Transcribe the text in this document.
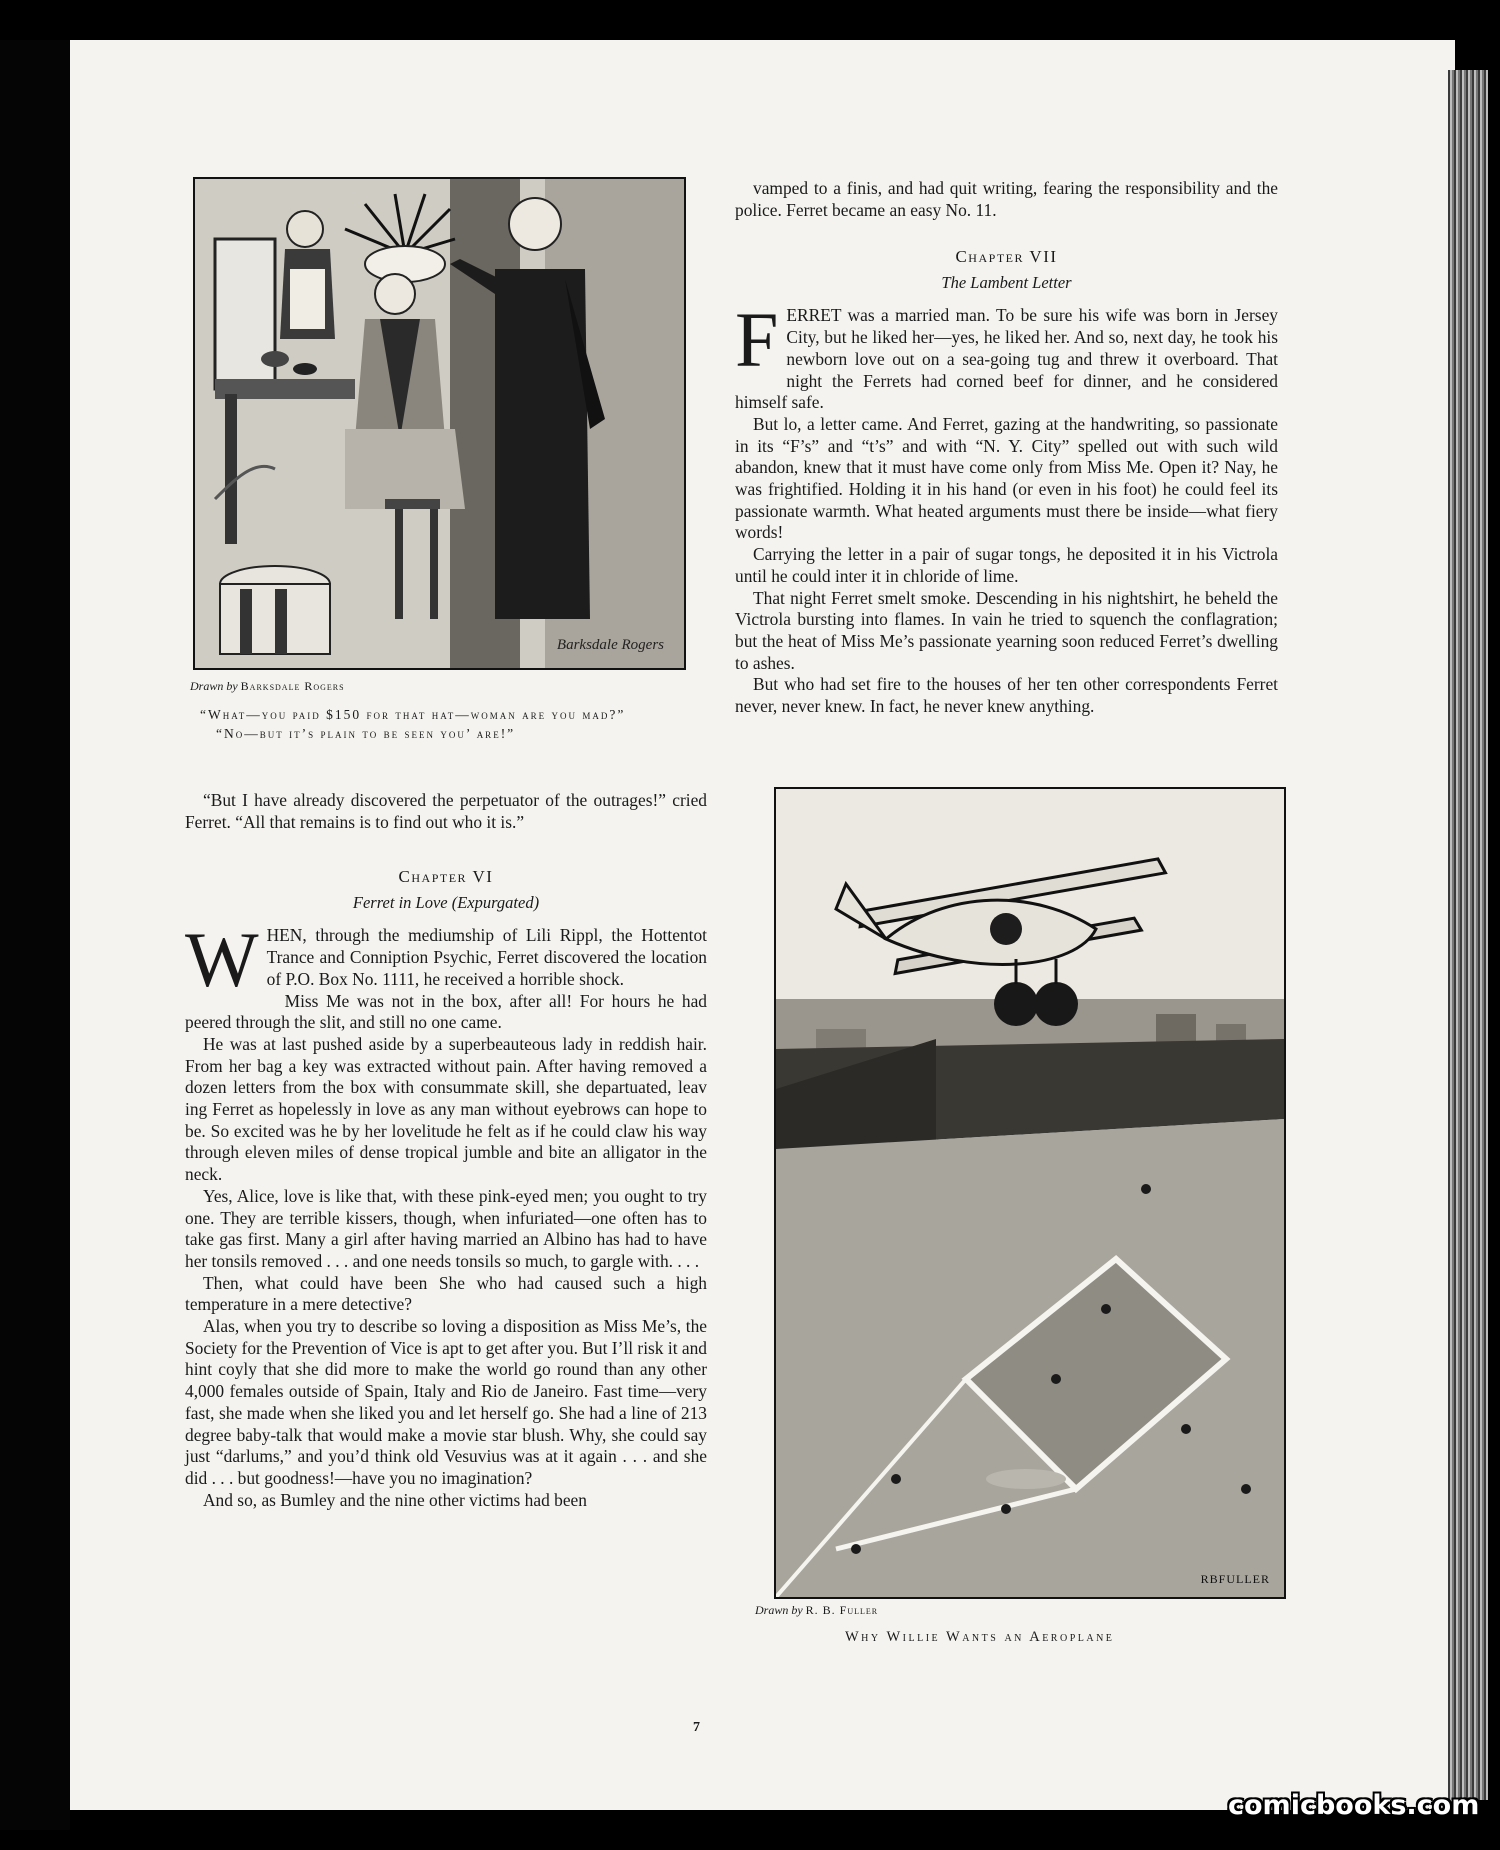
Barksdale Rogers
Drawn by Barksdale Rogers
“What—you paid $150 for that hat—woman are you mad?”
“No—but it’s plain to be seen you’ are!”

“But I have already discovered the perpetuator of the outrages!” cried Ferret. “All that remains is to find out who it is.”

Chapter VI
Ferret in Love (Expurgated)

W HEN, through the mediumship of Lili Rippl, the Hottentot Trance and Conniption Psychic, Ferret discovered the location of P.O. Box No. 1111, he received a horrible shock.

Miss Me was not in the box, after all! For hours he had peered through the slit, and still no one came.

He was at last pushed aside by a superbeauteous lady in reddish hair. From her bag a key was extracted without pain. After having removed a dozen letters from the box with consummate skill, she departuated, leav ing Ferret as hopelessly in love as any man without eyebrows can hope to be. So excited was he by her lovelitude he felt as if he could claw his way through eleven miles of dense tropical jumble and bite an alligator in the neck.

Yes, Alice, love is like that, with these pink-eyed men; you ought to try one. They are terrible kissers, though, when infuriated—one often has to take gas first. Many a girl after having married an Albino has had to have her tonsils removed . . . and one needs tonsils so much, to gargle with. . . .

Then, what could have been She who had caused such a high temperature in a mere detective?

Alas, when you try to describe so loving a disposition as Miss Me’s, the Society for the Prevention of Vice is apt to get after you. But I’ll risk it and hint coyly that she did more to make the world go round than any other 4,000 females outside of Spain, Italy and Rio de Janeiro. Fast time—very fast, she made when she liked you and let herself go. She had a line of 213 degree baby-talk that would make a movie star blush. Why, she could say just “darlums,” and you’d think old Vesuvius was at it again . . . and she did . . . but goodness!—have you no imagination?

And so, as Bumley and the nine other victims had been

vamped to a finis, and had quit writing, fearing the responsibility and the police. Ferret became an easy No. 11.

Chapter VII
The Lambent Letter

F ERRET was a married man. To be sure his wife was born in Jersey City, but he liked her—yes, he liked her. And so, next day, he took his newborn love out on a sea-going tug and threw it overboard. That night the Ferrets had corned beef for dinner, and he considered himself safe.

But lo, a letter came. And Ferret, gazing at the handwriting, so passionate in its “F’s” and “t’s” and with “N. Y. City” spelled out with such wild abandon, knew that it must have come only from Miss Me. Open it? Nay, he was frightified. Holding it in his hand (or even in his foot) he could feel its passionate warmth. What heated arguments must there be inside—what fiery words!

Carrying the letter in a pair of sugar tongs, he deposited it in his Victrola until he could inter it in chloride of lime.

That night Ferret smelt smoke. Descending in his nightshirt, he beheld the Victrola bursting into flames. In vain he tried to squench the conflagration; but the heat of Miss Me’s passionate yearning soon reduced Ferret’s dwelling to ashes.

But who had set fire to the houses of her ten other correspondents Ferret never, never knew. In fact, he never knew anything.

RBFULLER
Drawn by R. B. Fuller
Why Willie Wants an Aeroplane
7
comicbooks.com
